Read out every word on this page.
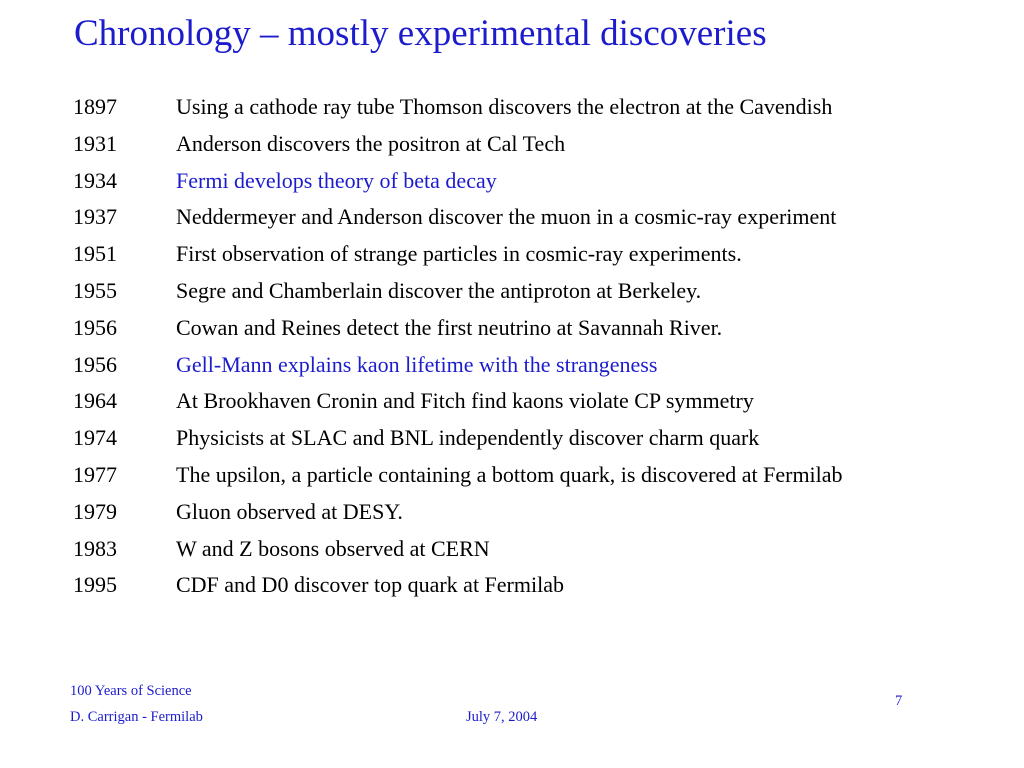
Chronology – mostly experimental discoveries
1897	Using a cathode ray tube Thomson discovers the electron at the Cavendish
1931	Anderson discovers the positron at Cal Tech
1934	Fermi develops theory of beta decay
1937	Neddermeyer and Anderson discover the muon in a cosmic-ray experiment
1951	First observation of strange particles in cosmic-ray experiments.
1955	Segre and Chamberlain discover the antiproton at Berkeley.
1956	Cowan and Reines detect the first neutrino at Savannah River.
1956	Gell-Mann explains kaon lifetime with the strangeness
1964	At Brookhaven Cronin and Fitch find kaons violate CP symmetry
1974	Physicists at SLAC and BNL independently discover charm quark
1977	The upsilon, a particle containing a bottom quark, is discovered at Fermilab
1979	Gluon observed at DESY.
1983	W and Z bosons observed at CERN
1995	CDF and D0 discover top quark at Fermilab
100 Years of Science
D. Carrigan - Fermilab	July 7, 2004
7
